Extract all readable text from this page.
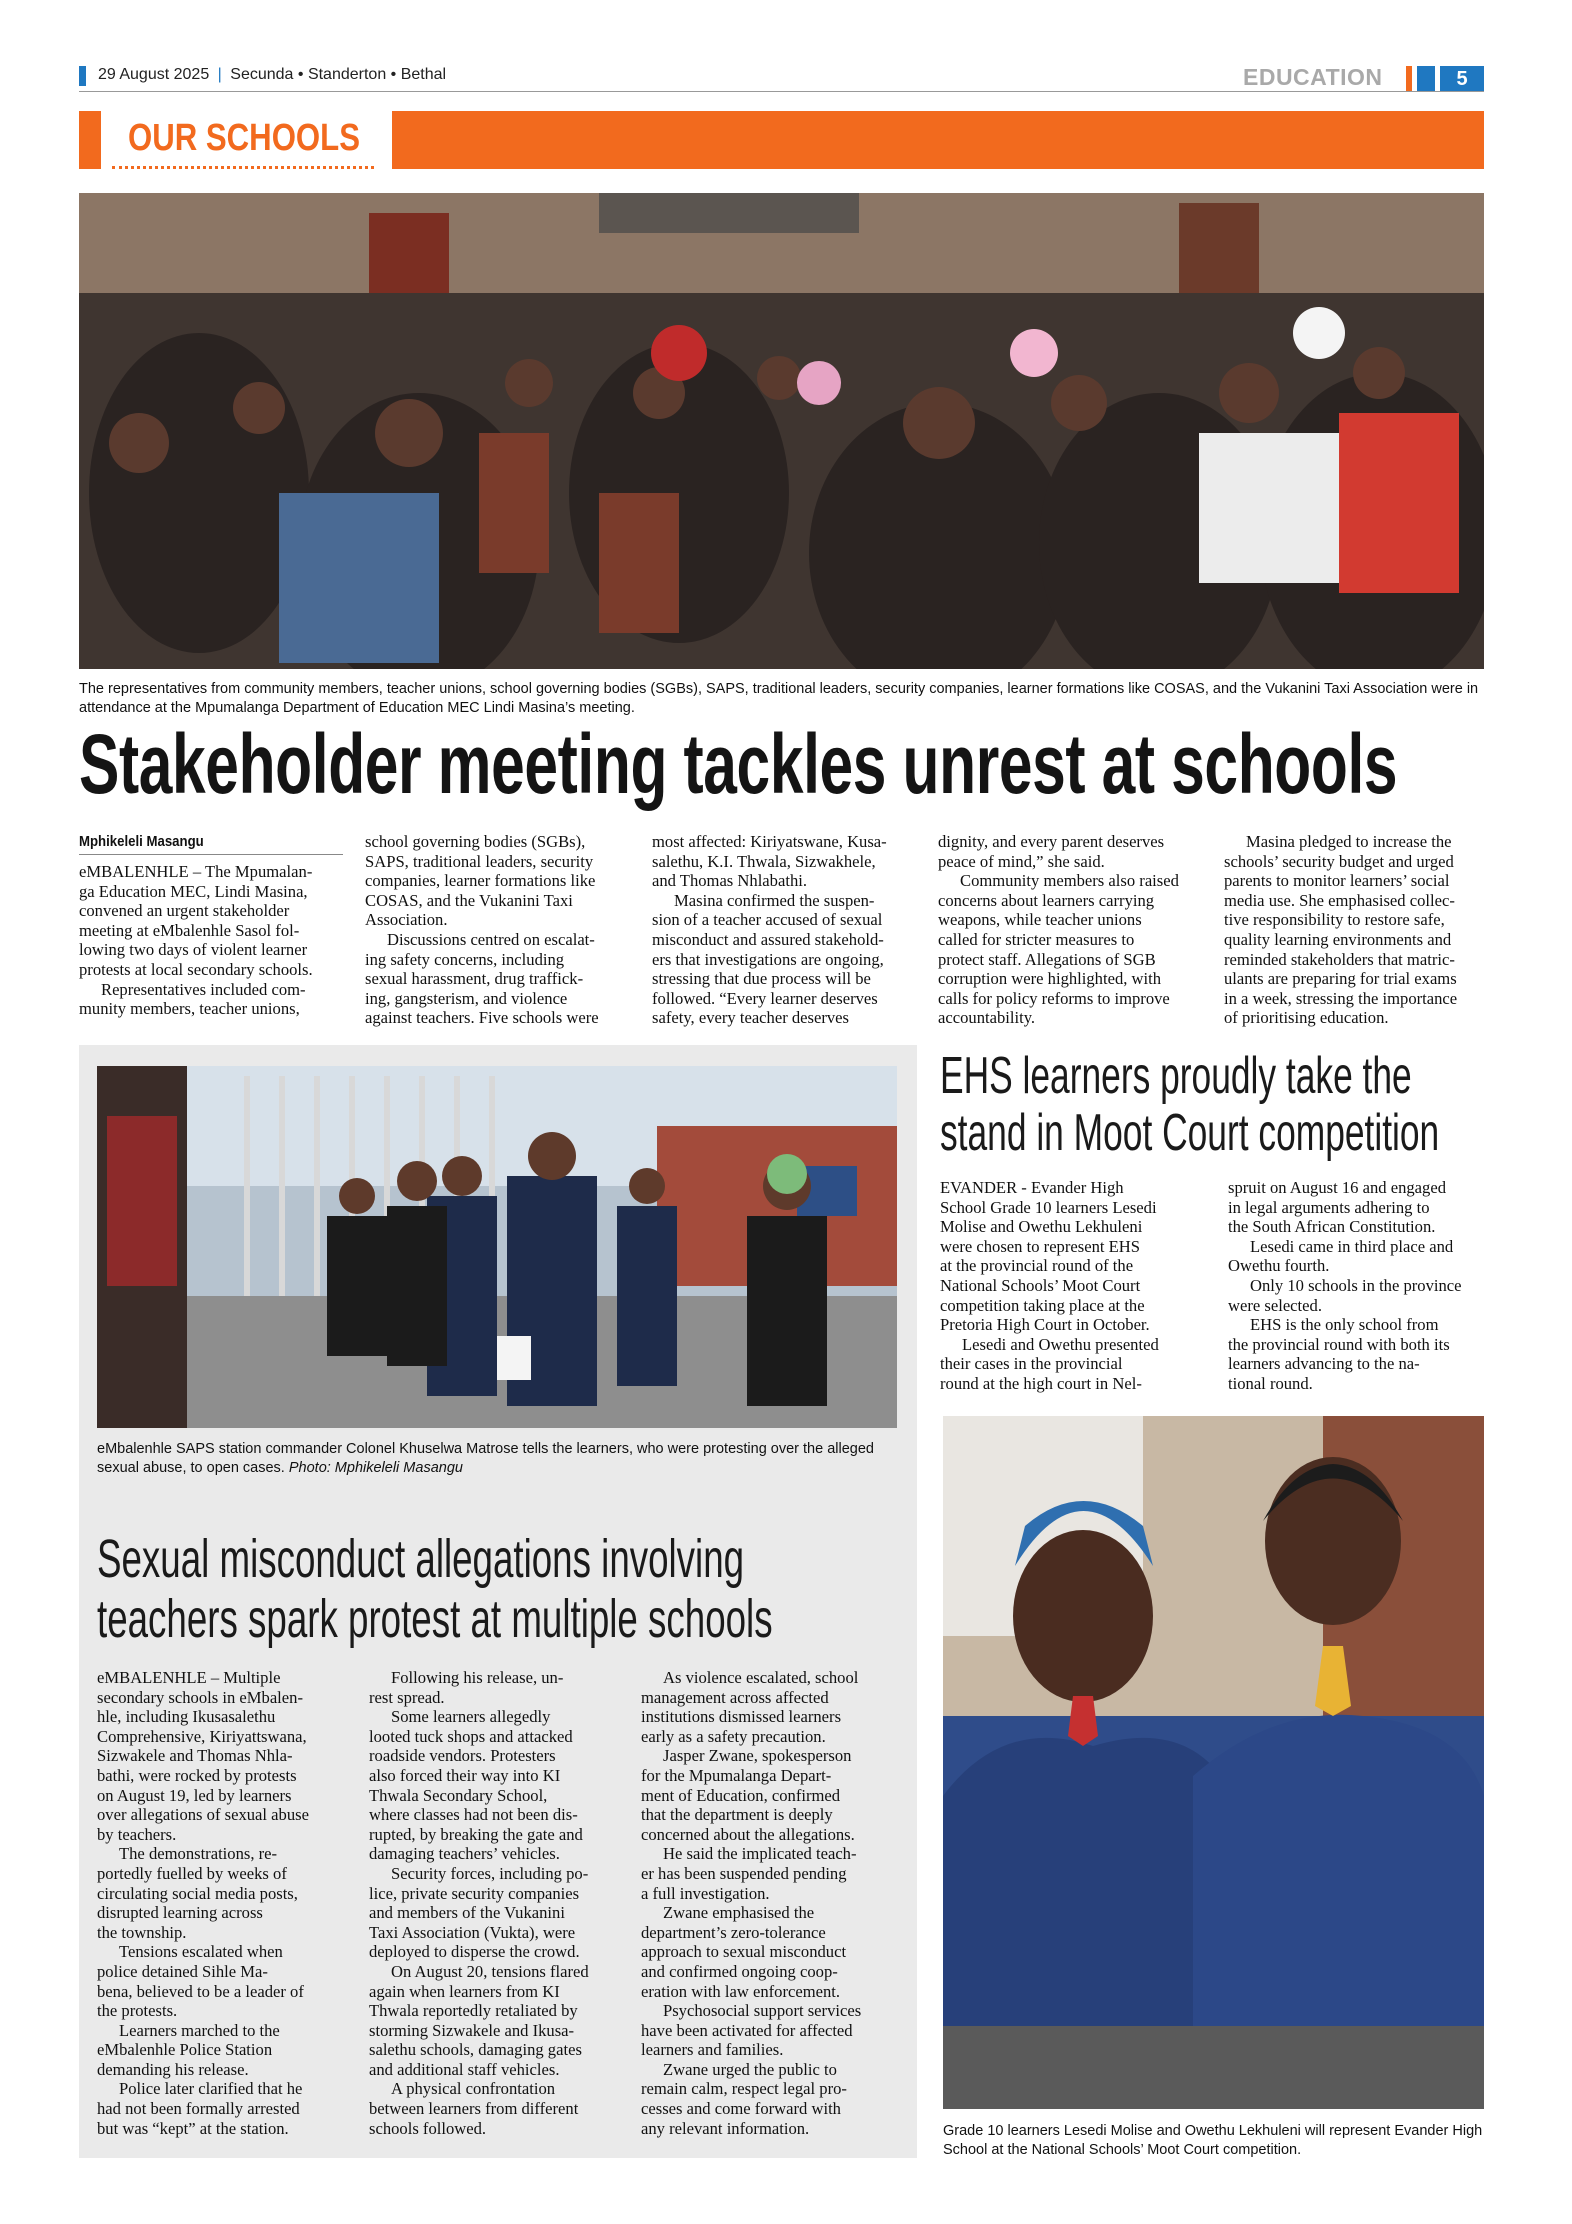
29 August 2025 | Secunda • Standerton • Bethal	EDUCATION	5
OUR SCHOOLS
The representatives from community members, teacher unions, school governing bodies (SGBs), SAPS, traditional leaders, security companies, learner formations like COSAS, and the Vukanini Taxi Association were in attendance at the Mpumalanga Department of Education MEC Lindi Masina’s meeting.
Stakeholder meeting tackles unrest at schools
Mphikeleli Masangu

eMBALENHLE – The Mpumalan-
ga Education MEC, Lindi Masina,
convened an urgent stakeholder
meeting at eMbalenhle Sasol fol-
lowing two days of violent learner
protests at local secondary schools.

Representatives included com-
munity members, teacher unions,

school governing bodies (SGBs),
SAPS, traditional leaders, security
companies, learner formations like
COSAS, and the Vukanini Taxi
Association.

Discussions centred on escalat-
ing safety concerns, including
sexual harassment, drug traffick-
ing, gangsterism, and violence
against teachers. Five schools were

most affected: Kiriyatswane, Kusa-
salethu, K.I. Thwala, Sizwakhele,
and Thomas Nhlabathi.

Masina confirmed the suspen-
sion of a teacher accused of sexual
misconduct and assured stakehold-
ers that investigations are ongoing,
stressing that due process will be
followed. “Every learner deserves
safety, every teacher deserves

dignity, and every parent deserves
peace of mind,” she said.

Community members also raised
concerns about learners carrying
weapons, while teacher unions
called for stricter measures to
protect staff. Allegations of SGB
corruption were highlighted, with
calls for policy reforms to improve
accountability.

Masina pledged to increase the
schools’ security budget and urged
parents to monitor learners’ social
media use. She emphasised collec-
tive responsibility to restore safe,
quality learning environments and
reminded stakeholders that matric-
ulants are preparing for trial exams
in a week, stressing the importance
of prioritising education.

eMbalenhle SAPS station commander Colonel Khuselwa Matrose tells the learners, who were protesting over the alleged sexual abuse, to open cases. Photo: Mphikeleli Masangu
Sexual misconduct allegations involving
teachers spark protest at multiple schools

eMBALENHLE – Multiple
secondary schools in eMbalen-
hle, including Ikusasalethu
Comprehensive, Kiriyattswana,
Sizwakele and Thomas Nhla-
bathi, were rocked by protests
on August 19, led by learners
over allegations of sexual abuse
by teachers.

The demonstrations, re-
portedly fuelled by weeks of
circulating social media posts,
disrupted learning across
the township.

Tensions escalated when
police detained Sihle Ma-
bena, believed to be a leader of
the protests.

Learners marched to the
eMbalenhle Police Station
demanding his release.

Police later clarified that he
had not been formally arrested
but was “kept” at the station.

Following his release, un-
rest spread.

Some learners allegedly
looted tuck shops and attacked
roadside vendors. Protesters
also forced their way into KI
Thwala Secondary School,
where classes had not been dis-
rupted, by breaking the gate and
damaging teachers’ vehicles.

Security forces, including po-
lice, private security companies
and members of the Vukanini
Taxi Association (Vukta), were
deployed to disperse the crowd.

On August 20, tensions flared
again when learners from KI
Thwala reportedly retaliated by
storming Sizwakele and Ikusa-
salethu schools, damaging gates
and additional staff vehicles.

A physical confrontation
between learners from different
schools followed.

As violence escalated, school
management across affected
institutions dismissed learners
early as a safety precaution.

Jasper Zwane, spokesperson
for the Mpumalanga Depart-
ment of Education, confirmed
that the department is deeply
concerned about the allegations.

He said the implicated teach-
er has been suspended pending
a full investigation.

Zwane emphasised the
department’s zero-tolerance
approach to sexual misconduct
and confirmed ongoing coop-
eration with law enforcement.

Psychosocial support services
have been activated for affected
learners and families.

Zwane urged the public to
remain calm, respect legal pro-
cesses and come forward with
any relevant information.

EHS learners proudly take the
stand in Moot Court competition

EVANDER - Evander High
School Grade 10 learners Lesedi
Molise and Owethu Lekhuleni
were chosen to represent EHS
at the provincial round of the
National Schools’ Moot Court
competition taking place at the
Pretoria High Court in October.

Lesedi and Owethu presented
their cases in the provincial
round at the high court in Nel-

spruit on August 16 and engaged
in legal arguments adhering to
the South African Constitution.

Lesedi came in third place and
Owethu fourth.

Only 10 schools in the province
were selected.

EHS is the only school from
the provincial round with both its
learners advancing to the na-
tional round.

Grade 10 learners Lesedi Molise and Owethu Lekhuleni will represent Evander High School at the National Schools’ Moot Court competition.
